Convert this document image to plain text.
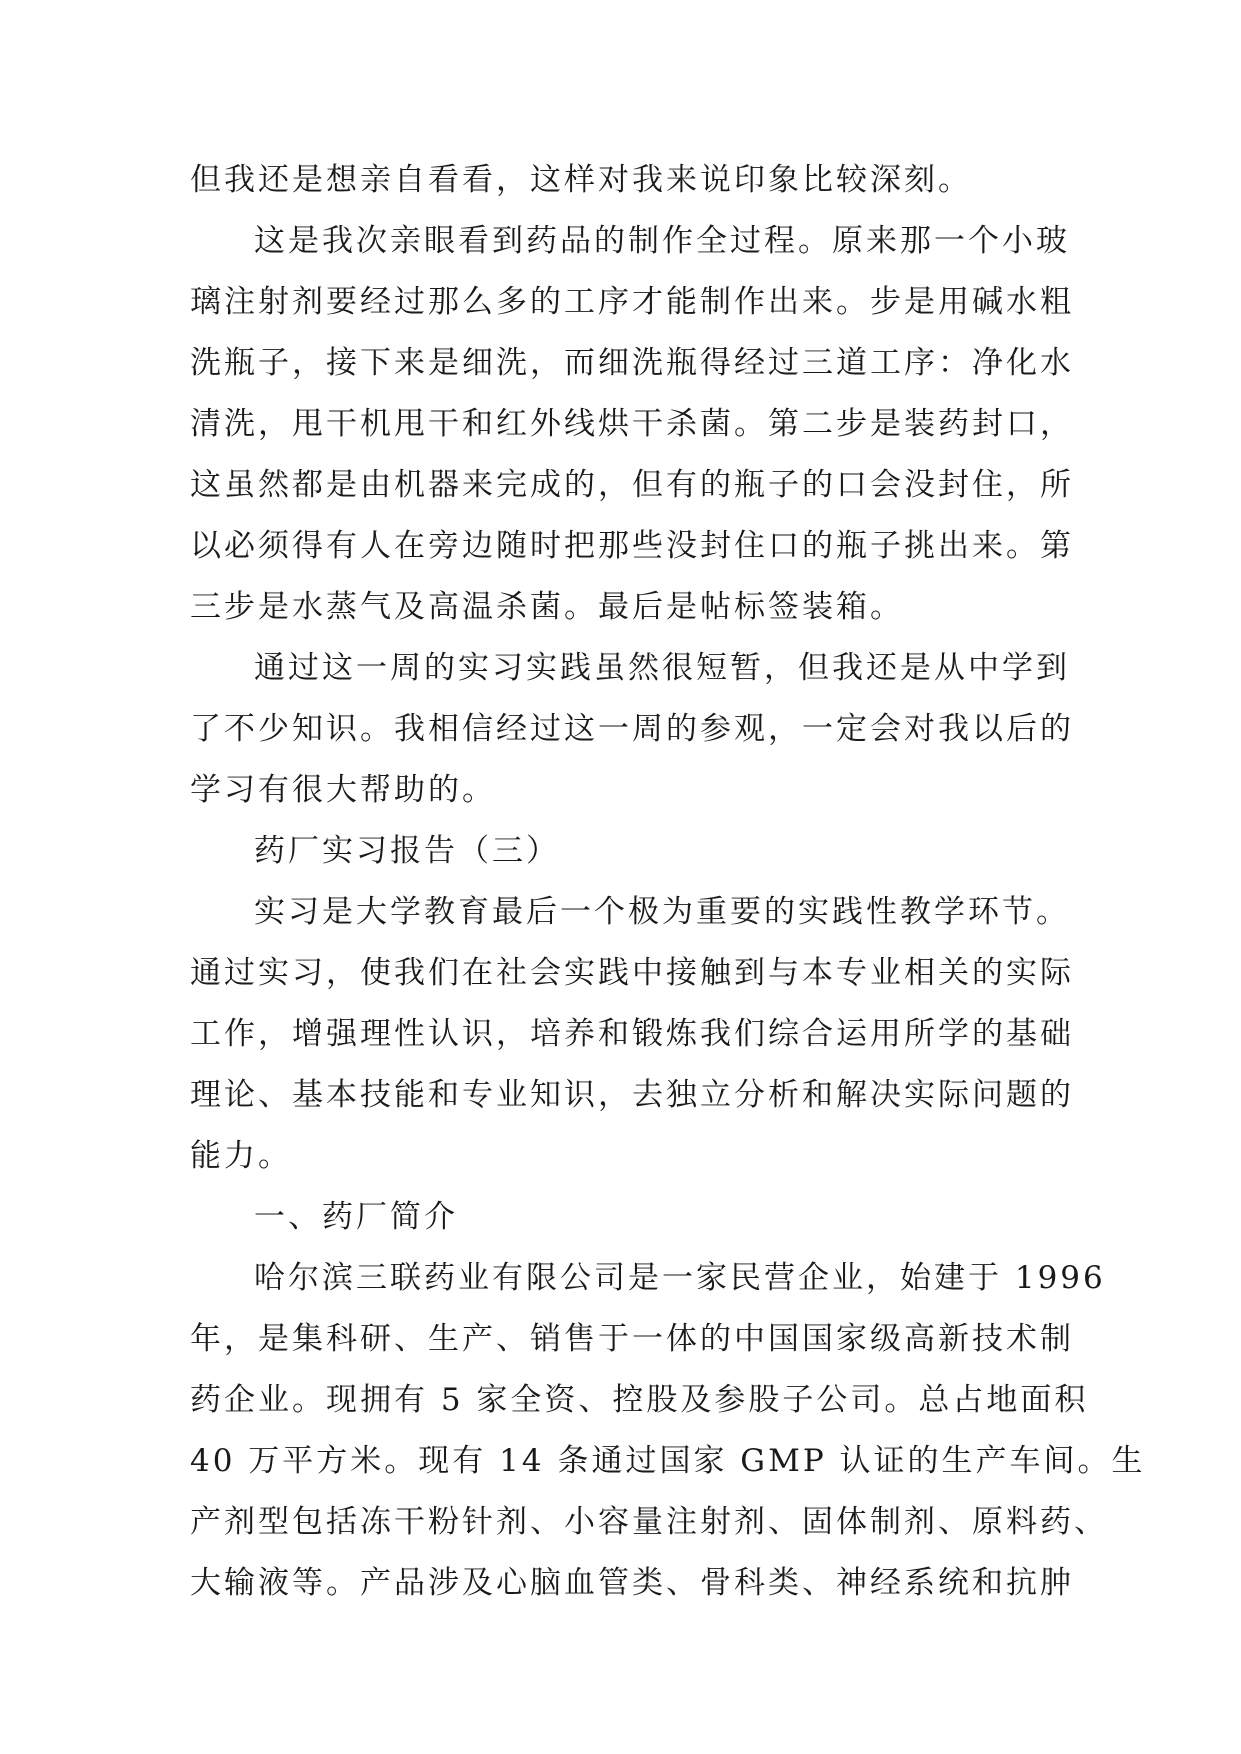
但我还是想亲自看看，这样对我来说印象比较深刻。
这是我次亲眼看到药品的制作全过程。原来那一个小玻
璃注射剂要经过那么多的工序才能制作出来。步是用碱水粗
洗瓶子，接下来是细洗，而细洗瓶得经过三道工序：净化水
清洗，甩干机甩干和红外线烘干杀菌。第二步是装药封口，
这虽然都是由机器来完成的，但有的瓶子的口会没封住，所
以必须得有人在旁边随时把那些没封住口的瓶子挑出来。第
三步是水蒸气及高温杀菌。最后是帖标签装箱。
通过这一周的实习实践虽然很短暂，但我还是从中学到
了不少知识。我相信经过这一周的参观，一定会对我以后的
学习有很大帮助的。
药厂实习报告（三）
实习是大学教育最后一个极为重要的实践性教学环节。
通过实习，使我们在社会实践中接触到与本专业相关的实际
工作，增强理性认识，培养和锻炼我们综合运用所学的基础
理论、基本技能和专业知识，去独立分析和解决实际问题的
能力。
一、药厂简介
哈尔滨三联药业有限公司是一家民营企业，始建于 1996
年，是集科研、生产、销售于一体的中国国家级高新技术制
药企业。现拥有 5 家全资、控股及参股子公司。总占地面积
40 万平方米。现有 14 条通过国家 GMP 认证的生产车间。生
产剂型包括冻干粉针剂、小容量注射剂、固体制剂、原料药、
大输液等。产品涉及心脑血管类、骨科类、神经系统和抗肿
